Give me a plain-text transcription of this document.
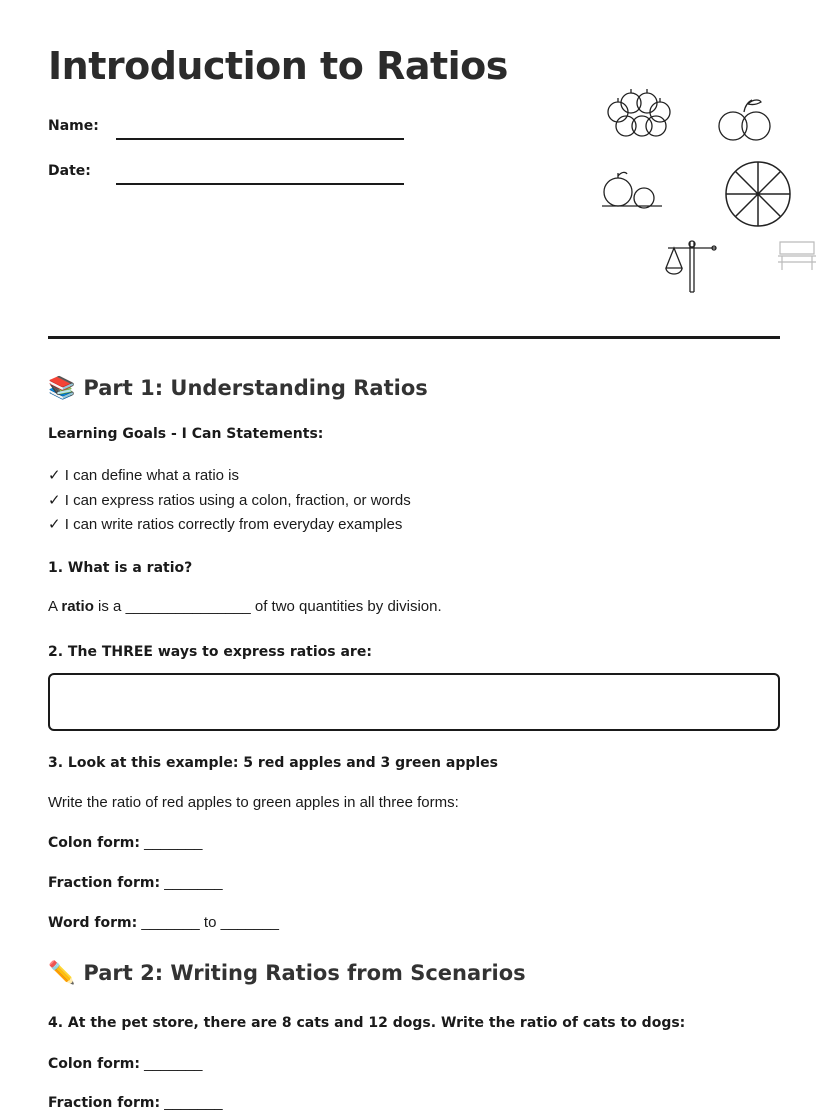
Introduction to Ratios
Name:
Date:
📚 Part 1: Understanding Ratios
Learning Goals - I Can Statements:
✓ I can define what a ratio is
✓ I can express ratios using a colon, fraction, or words
✓ I can write ratios correctly from everyday examples
1. What is a ratio?
A ratio is a _______________ of two quantities by division.
2. The THREE ways to express ratios are:
3. Look at this example: 5 red apples and 3 green apples
Write the ratio of red apples to green apples in all three forms:
Colon form: _______
Fraction form: _______
Word form: _______ to _______
✏️ Part 2: Writing Ratios from Scenarios
4. At the pet store, there are 8 cats and 12 dogs. Write the ratio of cats to dogs:
Colon form: _______
Fraction form: _______
